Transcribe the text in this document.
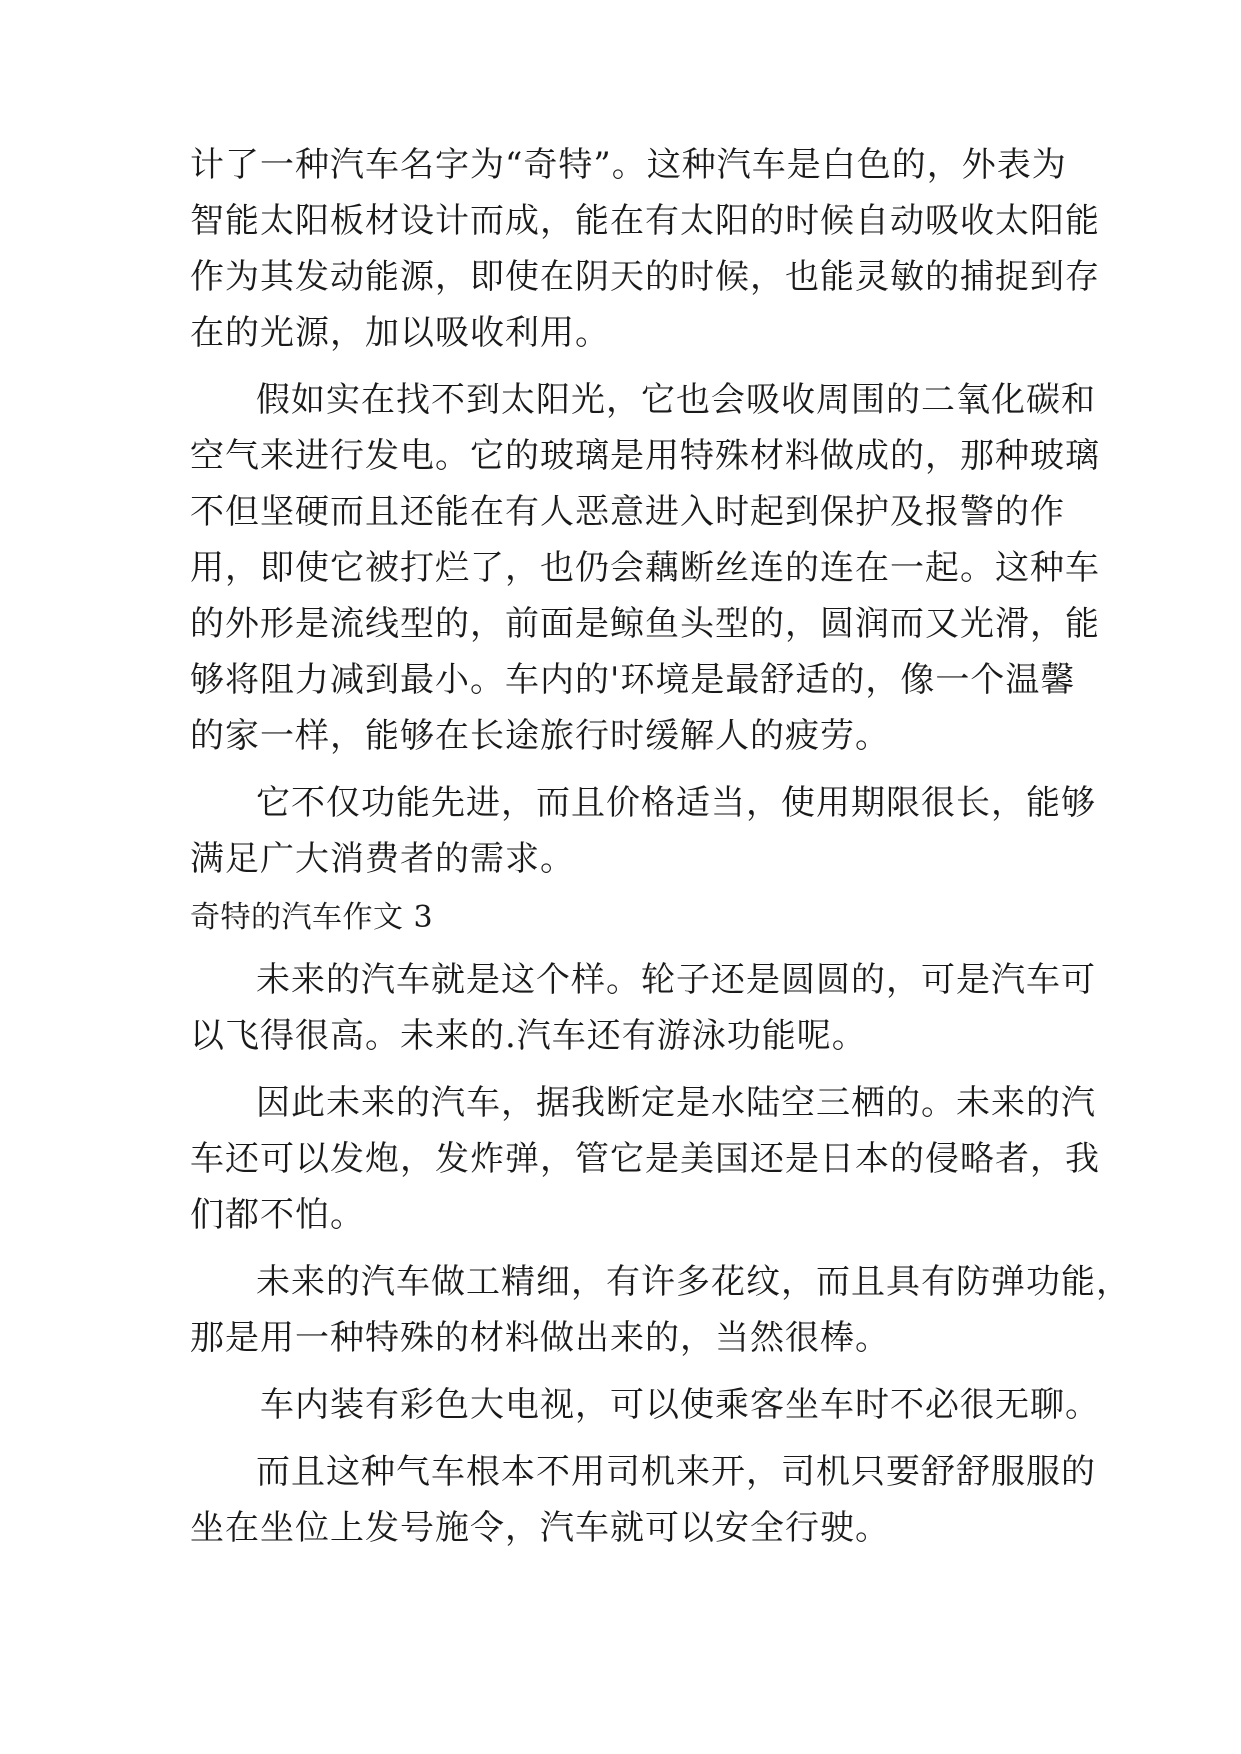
计了一种汽车名字为“奇特”。这种汽车是白色的，外表为
智能太阳板材设计而成，能在有太阳的时候自动吸收太阳能
作为其发动能源，即使在阴天的时候，也能灵敏的捕捉到存
在的光源，加以吸收利用。
假如实在找不到太阳光，它也会吸收周围的二氧化碳和
空气来进行发电。它的玻璃是用特殊材料做成的，那种玻璃
不但坚硬而且还能在有人恶意进入时起到保护及报警的作
用，即使它被打烂了，也仍会藕断丝连的连在一起。这种车
的外形是流线型的，前面是鲸鱼头型的，圆润而又光滑，能
够将阻力减到最小。车内的'环境是最舒适的，像一个温馨
的家一样，能够在长途旅行时缓解人的疲劳。
它不仅功能先进，而且价格适当，使用期限很长，能够
满足广大消费者的需求。
奇特的汽车作文 3
未来的汽车就是这个样。轮子还是圆圆的，可是汽车可
以飞得很高。未来的.汽车还有游泳功能呢。
因此未来的汽车，据我断定是水陆空三栖的。未来的汽
车还可以发炮，发炸弹，管它是美国还是日本的侵略者，我
们都不怕。
未来的汽车做工精细，有许多花纹，而且具有防弹功能，
那是用一种特殊的材料做出来的，当然很棒。
车内装有彩色大电视，可以使乘客坐车时不必很无聊。
而且这种气车根本不用司机来开，司机只要舒舒服服的
坐在坐位上发号施令，汽车就可以安全行驶。
